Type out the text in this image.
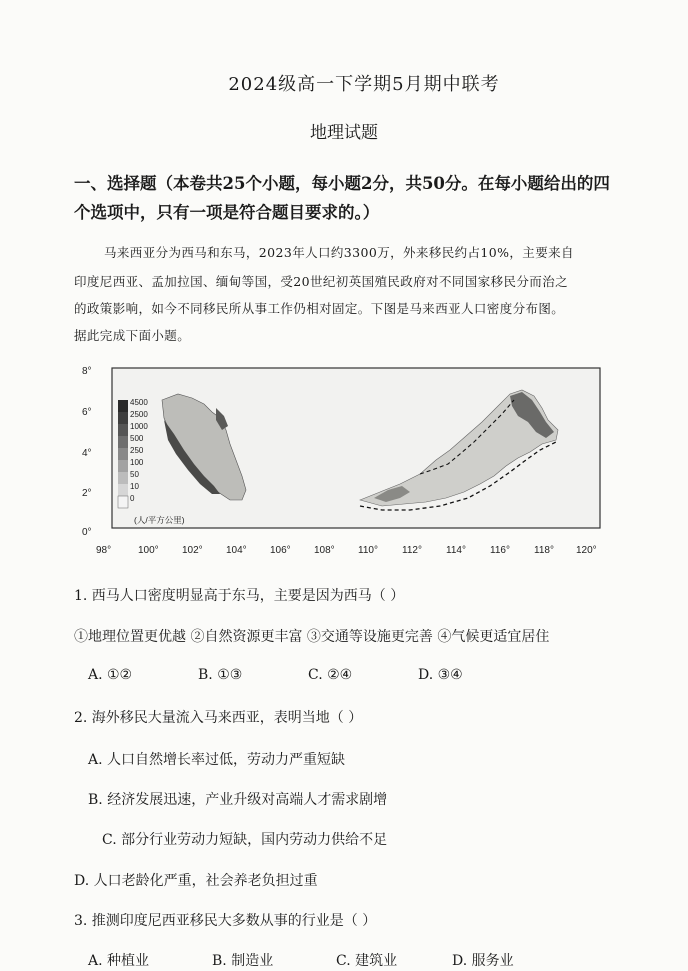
2024级高一下学期5月期中联考
地理试题
一、选择题（本卷共25个小题，每小题2分，共50分。在每小题给出的四
个选项中，只有一项是符合题目要求的。）
马来西亚分为西马和东马，2023年人口约3300万，外来移民约占10%，主要来自
印度尼西亚、孟加拉国、缅甸等国，受20世纪初英国殖民政府对不同国家移民分而治之
的政策影响，如今不同移民所从事工作仍相对固定。下图是马来西亚人口密度分布图。
据此完成下面小题。
8°
6°
4°
2°
0°
98°	100° 102° 104° 106° 108° 110° 112° 114° 116° 118° 120°
4500
2500
1000
500
250
100
50
10
0
(人/平方公里)
1. 西马人口密度明显高于东马，主要是因为西马（ ）
①地理位置更优越 ②自然资源更丰富 ③交通等设施更完善 ④气候更适宜居住
A. ①②	B. ①③	C. ②④	D. ③④
2. 海外移民大量流入马来西亚，表明当地（ ）
A. 人口自然增长率过低，劳动力严重短缺
B. 经济发展迅速，产业升级对高端人才需求剧增
C. 部分行业劳动力短缺，国内劳动力供给不足
D. 人口老龄化严重，社会养老负担过重
3. 推测印度尼西亚移民大多数从事的行业是（ ）
A. 种植业	B. 制造业	C. 建筑业	D. 服务业
